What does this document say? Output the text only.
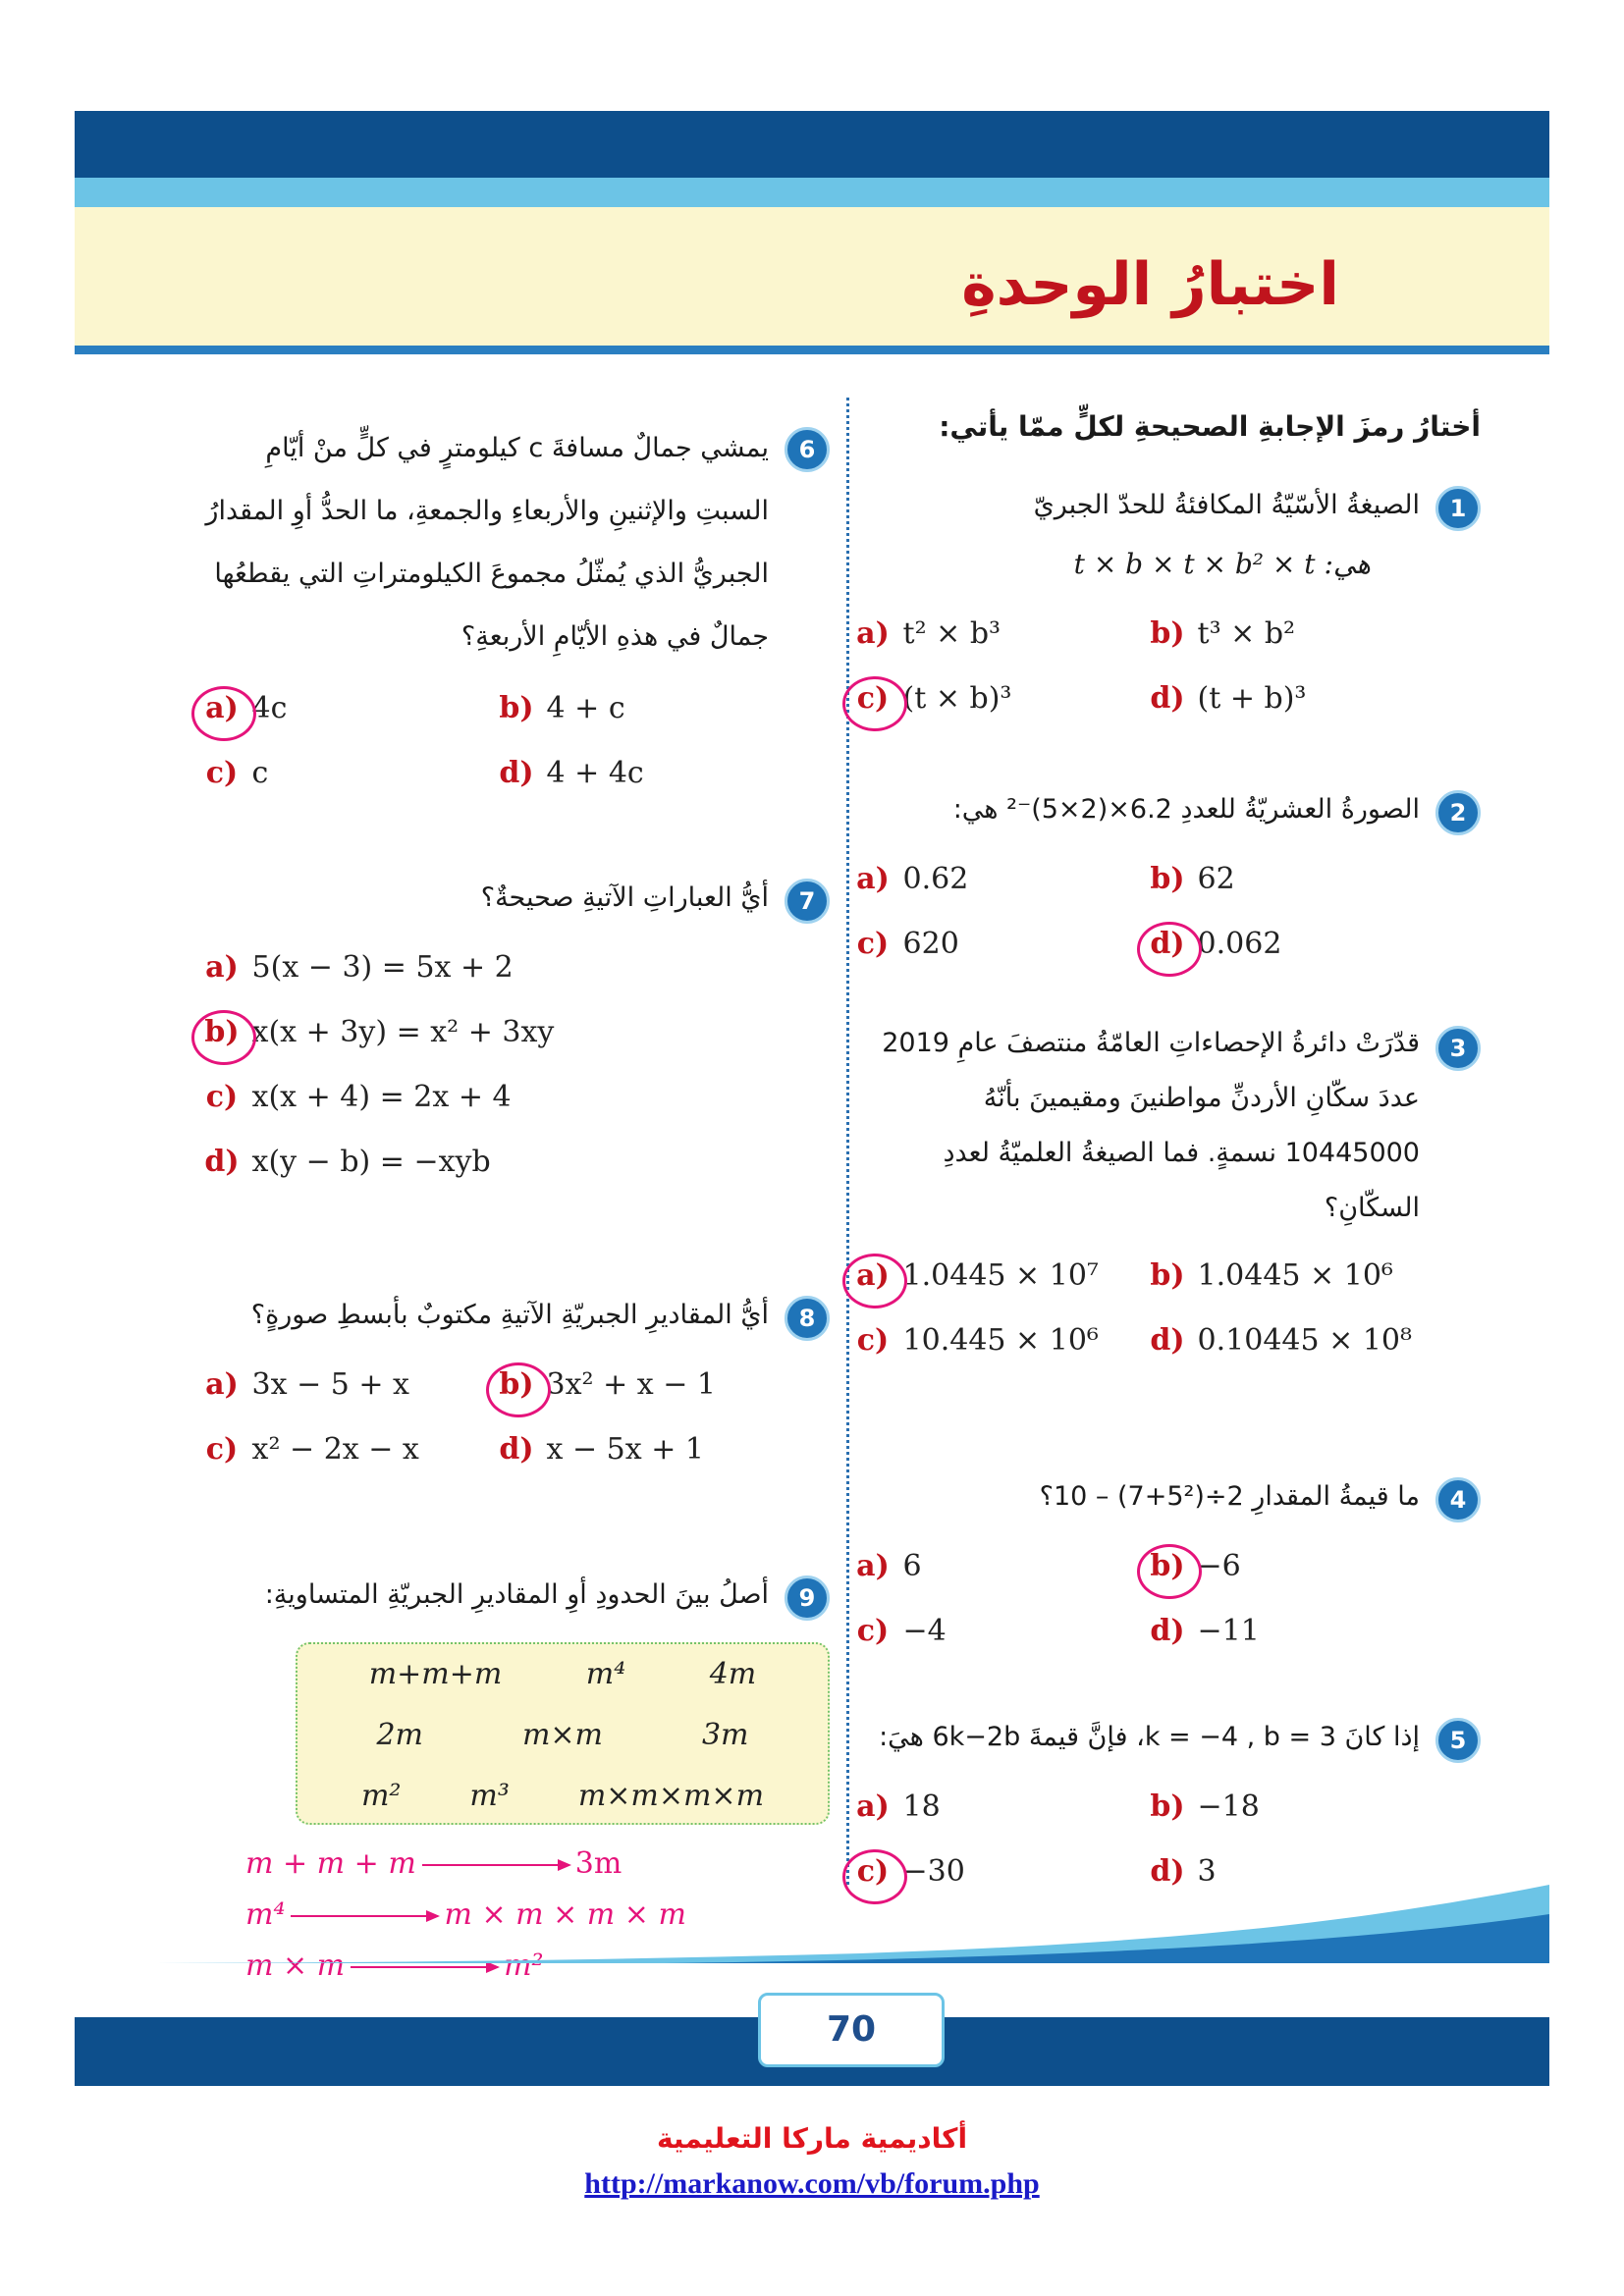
اختبارُ الوحدةِ
أختارُ رمزَ الإجابةِ الصحيحةِ لكلٍّ ممّا يأتي:
1
الصيغةُ الأسّيّةُ المكافئةُ للحدّ الجبريّ
t × b × t × b² × t :هي
a) t² × b³	b) t³ × b² c) (t × b)³	d) (t + b)³
2
الصورةُ العشريّةُ للعددِ 6.2×(2×5)⁻² هي:
a) 0.62	b) 62 c) 620	d) 0.062
3
قدّرَتْ دائرةُ الإحصاءاتِ العامّةُ منتصفَ عامِ 2019 عددَ سكّانِ الأردنِّ مواطنينَ ومقيمينَ بأنّهُ 10445000 نسمةٍ. فما الصيغةُ العلميّةُ لعددِ السكّانِ؟
a) 1.0445 × 10⁷ b) 1.0445 × 10⁶ c) 10.445 × 10⁶ d) 0.10445 × 10⁸
4
ما قيمةُ المقدارِ 2÷(5²+7) – 10؟
a) 6	b) −6 c) −4	d) −11
5
إذا كانَ k = −4 , b = 3، فإنَّ قيمةَ 6k−2b هيَ:
a) 18	b) −18 c) −30	d) 3
6
يمشي جمالٌ مسافةَ c كيلومترٍ في كلٍّ منْ أيّامِ السبتِ والإثنينِ والأربعاءِ والجمعةِ، ما الحدُّ أوِ المقدارُ الجبريُّ الذي يُمثّلُ مجموعَ الكيلومتراتِ التي يقطعُها جمالٌ في هذهِ الأيّامِ الأربعةِ؟
a) 4c	b) 4 + c c) c	d) 4 + 4c
7
أيُّ العباراتِ الآتيةِ صحيحةٌ؟
a) 5(x − 3) = 5x + 2 b) x(x + 3y) = x² + 3xy c) x(x + 4) = 2x + 4 d) x(y − b) = −xyb
8
أيُّ المقاديرِ الجبريّةِ الآتيةِ مكتوبٌ بأبسطِ صورةٍ؟
a) 3x − 5 + x	b) 3x² + x − 1 c) x² − 2x − x	d) x − 5x + 1
9
أصلُ بينَ الحدودِ أوِ المقاديرِ الجبريّةِ المتساويةِ:
m+m+m	m⁴	4m
2m	m×m	3m
m² m³ m×m×m×m
m + m + m	3m
m⁴	m × m × m × m
m × m	m²
70
أكاديمية ماركا التعليمية
http://markanow.com/vb/forum.php
